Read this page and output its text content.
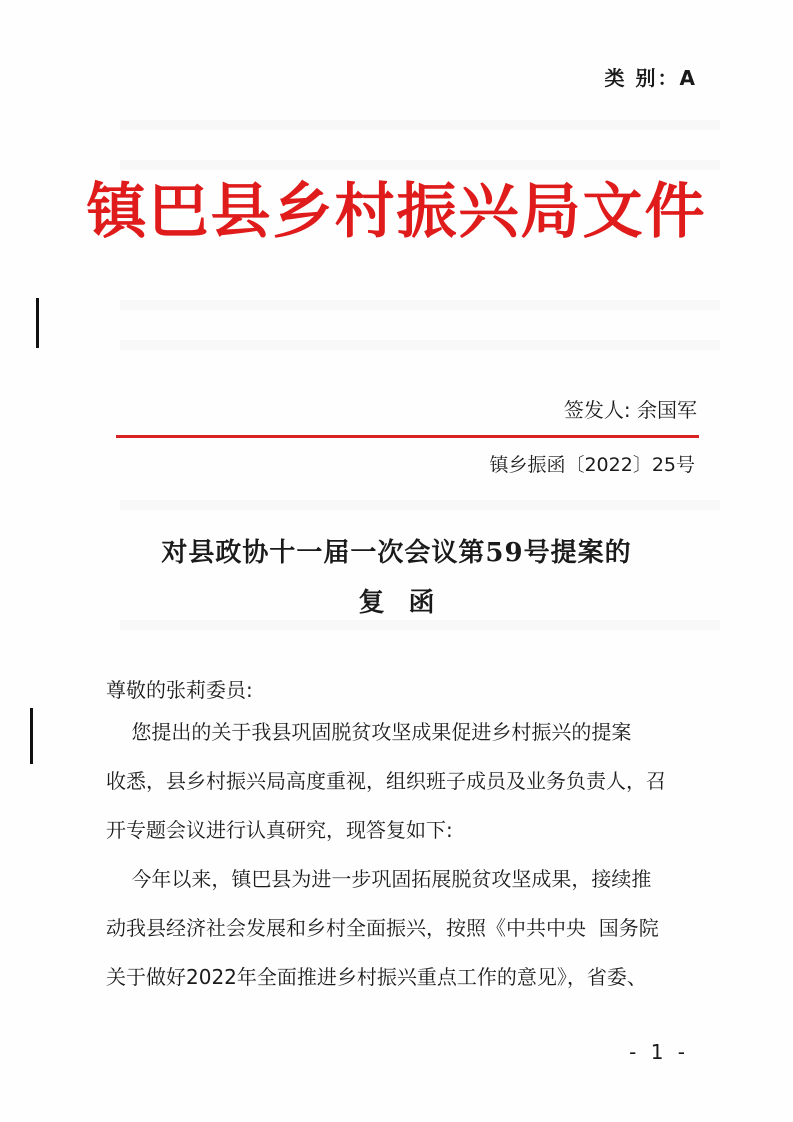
类 别：A
镇巴县乡村振兴局文件
签发人: 余国军
镇乡振函〔2022〕25号
对县政协十一届一次会议第59号提案的
复函
尊敬的张莉委员:
您提出的关于我县巩固脱贫攻坚成果促进乡村振兴的提案
收悉，县乡村振兴局高度重视，组织班子成员及业务负责人，召
开专题会议进行认真研究，现答复如下:
今年以来，镇巴县为进一步巩固拓展脱贫攻坚成果，接续推
动我县经济社会发展和乡村全面振兴，按照《中共中央  国务院
关于做好2022年全面推进乡村振兴重点工作的意见》，省委、
- 1 -
